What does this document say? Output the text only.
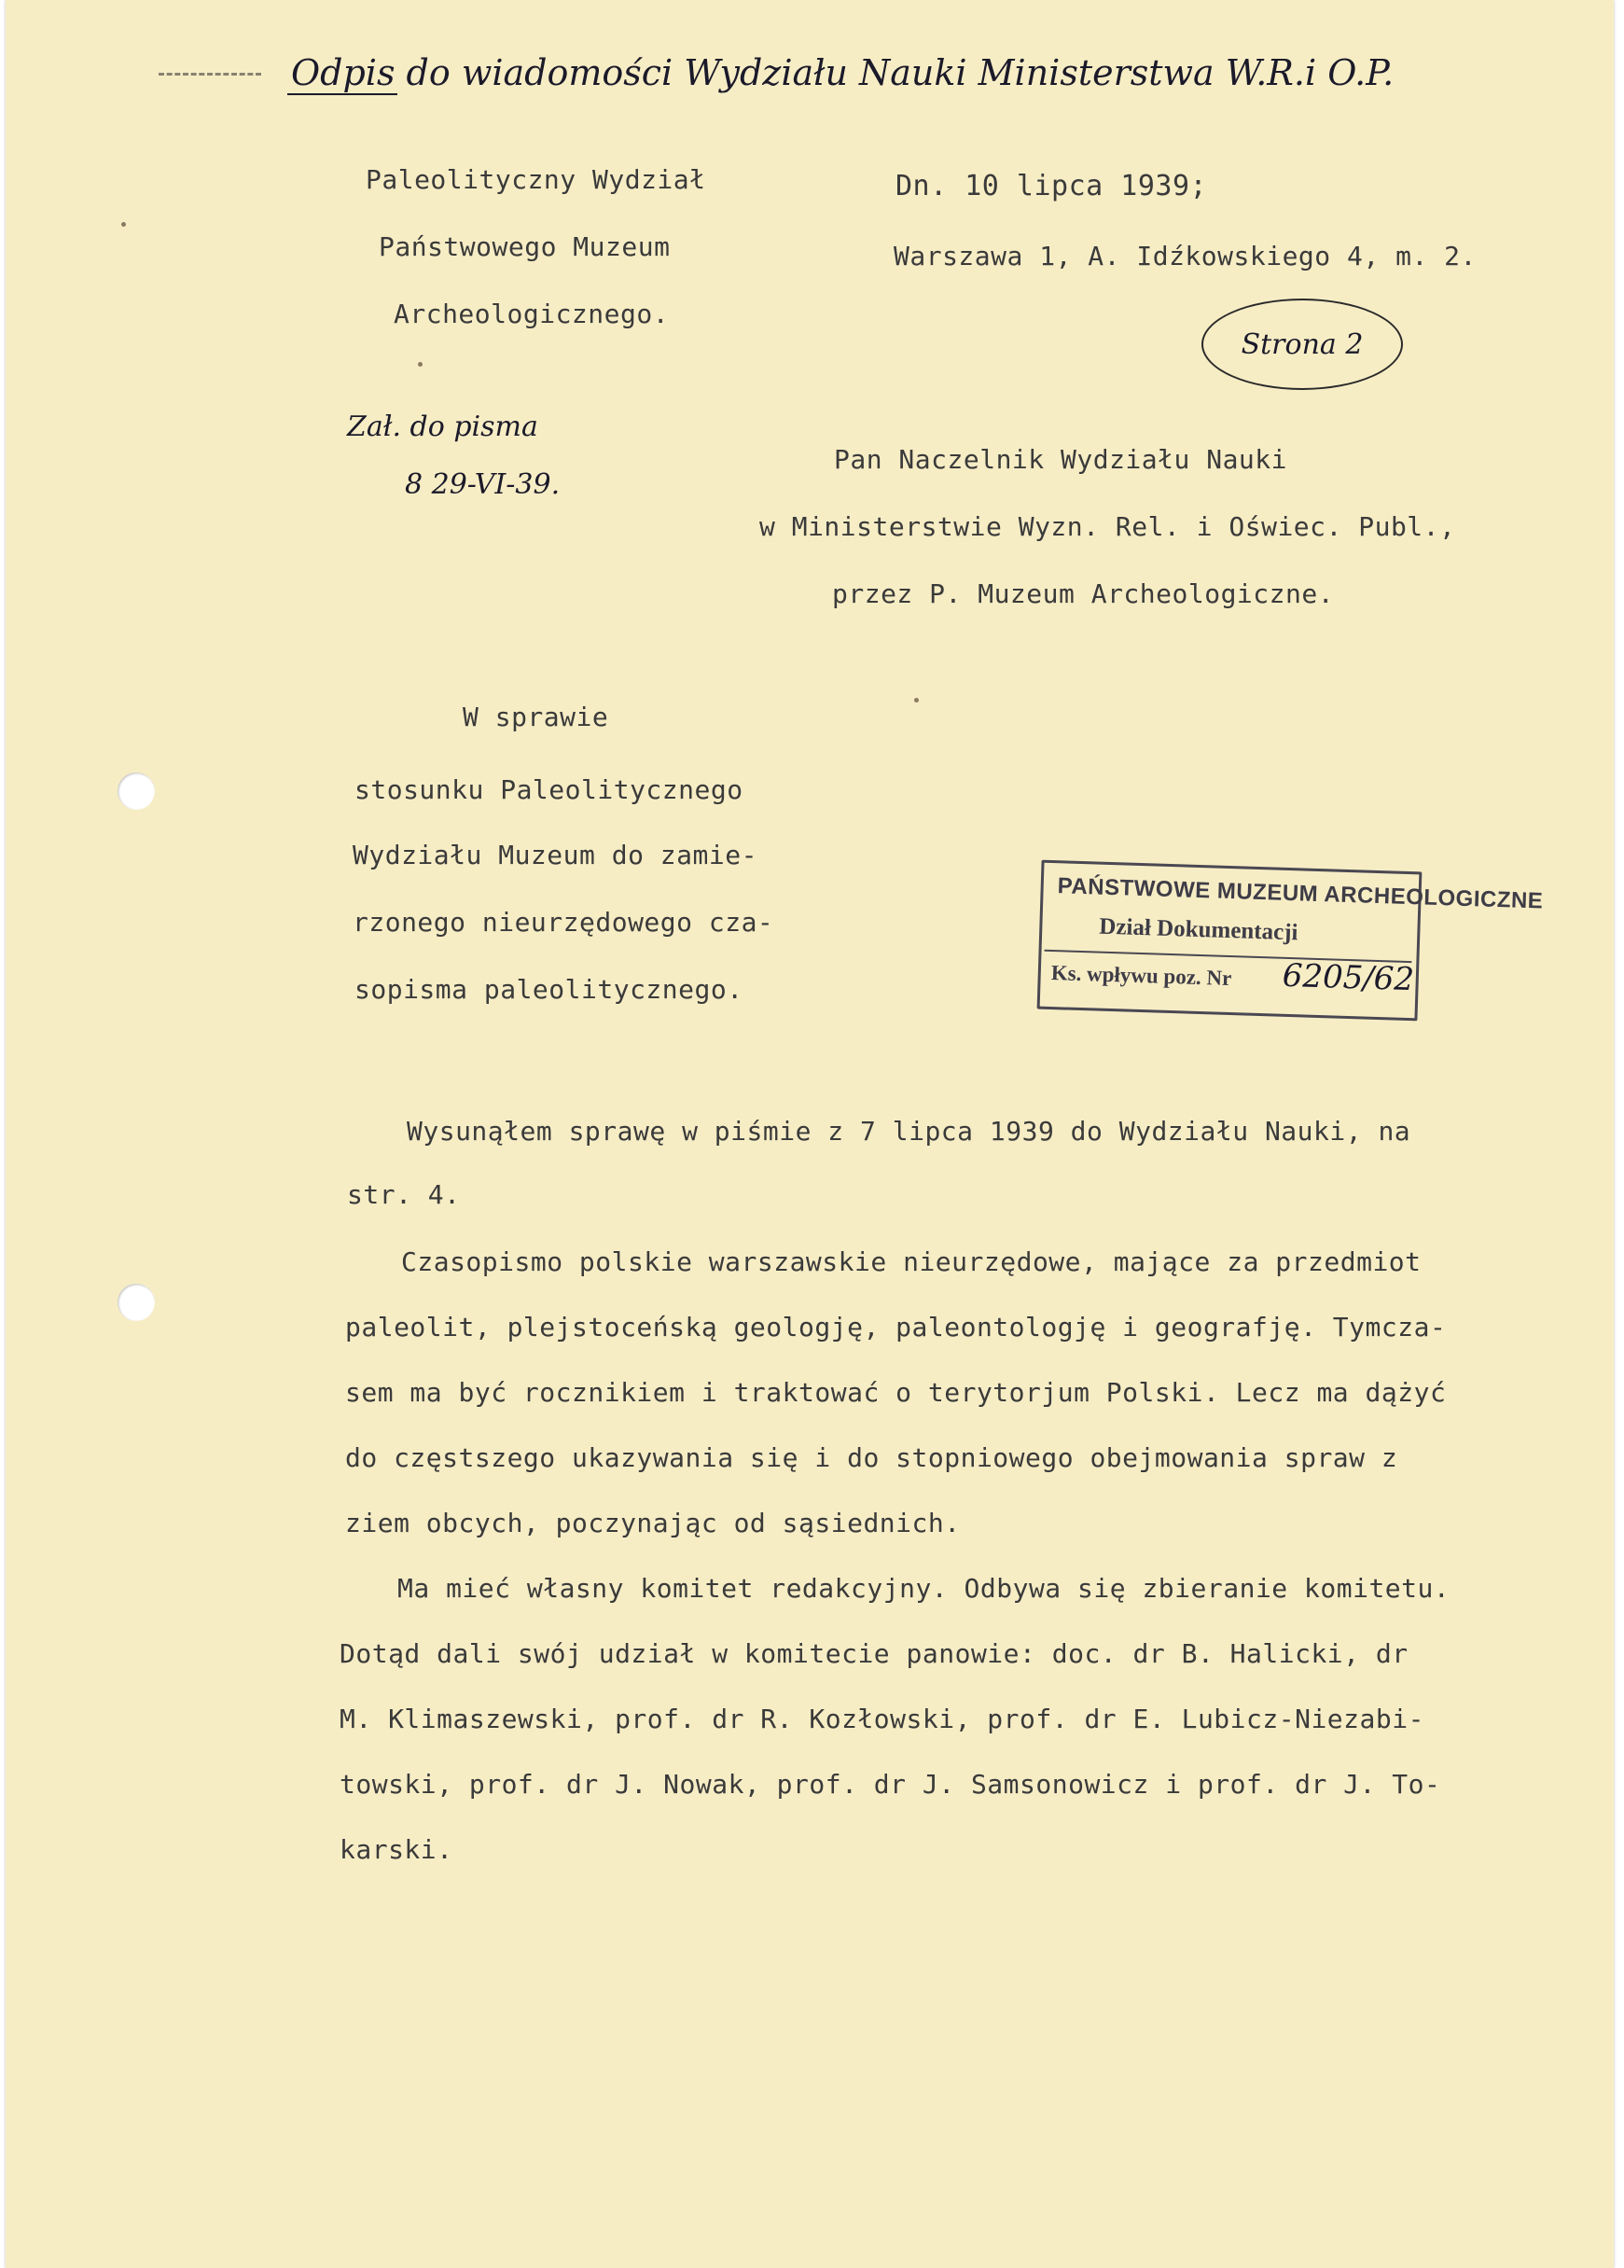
Odpis do wiadomości Wydziału Nauki Ministerstwa W.R.i O.P.
Paleolityczny Wydział
Państwowego Muzeum
Archeologicznego.
Dn. 10 lipca 1939;
Warszawa 1, A. Idźkowskiego 4, m. 2.
Strona 2
Zał. do pisma
8 29-VI-39.
Pan Naczelnik Wydziału Nauki
w Ministerstwie Wyzn. Rel. i Oświec. Publ.,
przez P. Muzeum Archeologiczne.
W sprawie
stosunku Paleolitycznego
Wydziału Muzeum do zamie-
rzonego nieurzędowego cza-
sopisma paleolitycznego.
PAŃSTWOWE MUZEUM ARCHEOLOGICZNE
Dział Dokumentacji
Ks. wpływu poz. Nr 6205/62
Wysunąłem sprawę w piśmie z 7 lipca 1939 do Wydziału Nauki, na
str. 4.
Czasopismo polskie warszawskie nieurzędowe, mające za przedmiot
paleolit, plejstoceńską geologję, paleontologję i geografję. Tymcza-
sem ma być rocznikiem i traktować o terytorjum Polski. Lecz ma dążyć
do częstszego ukazywania się i do stopniowego obejmowania spraw z
ziem obcych, poczynając od sąsiednich.
Ma mieć własny komitet redakcyjny. Odbywa się zbieranie komitetu.
Dotąd dali swój udział w komitecie panowie: doc. dr B. Halicki, dr
M. Klimaszewski, prof. dr R. Kozłowski, prof. dr E. Lubicz-Niezabi-
towski, prof. dr J. Nowak, prof. dr J. Samsonowicz i prof. dr J. To-
karski.
